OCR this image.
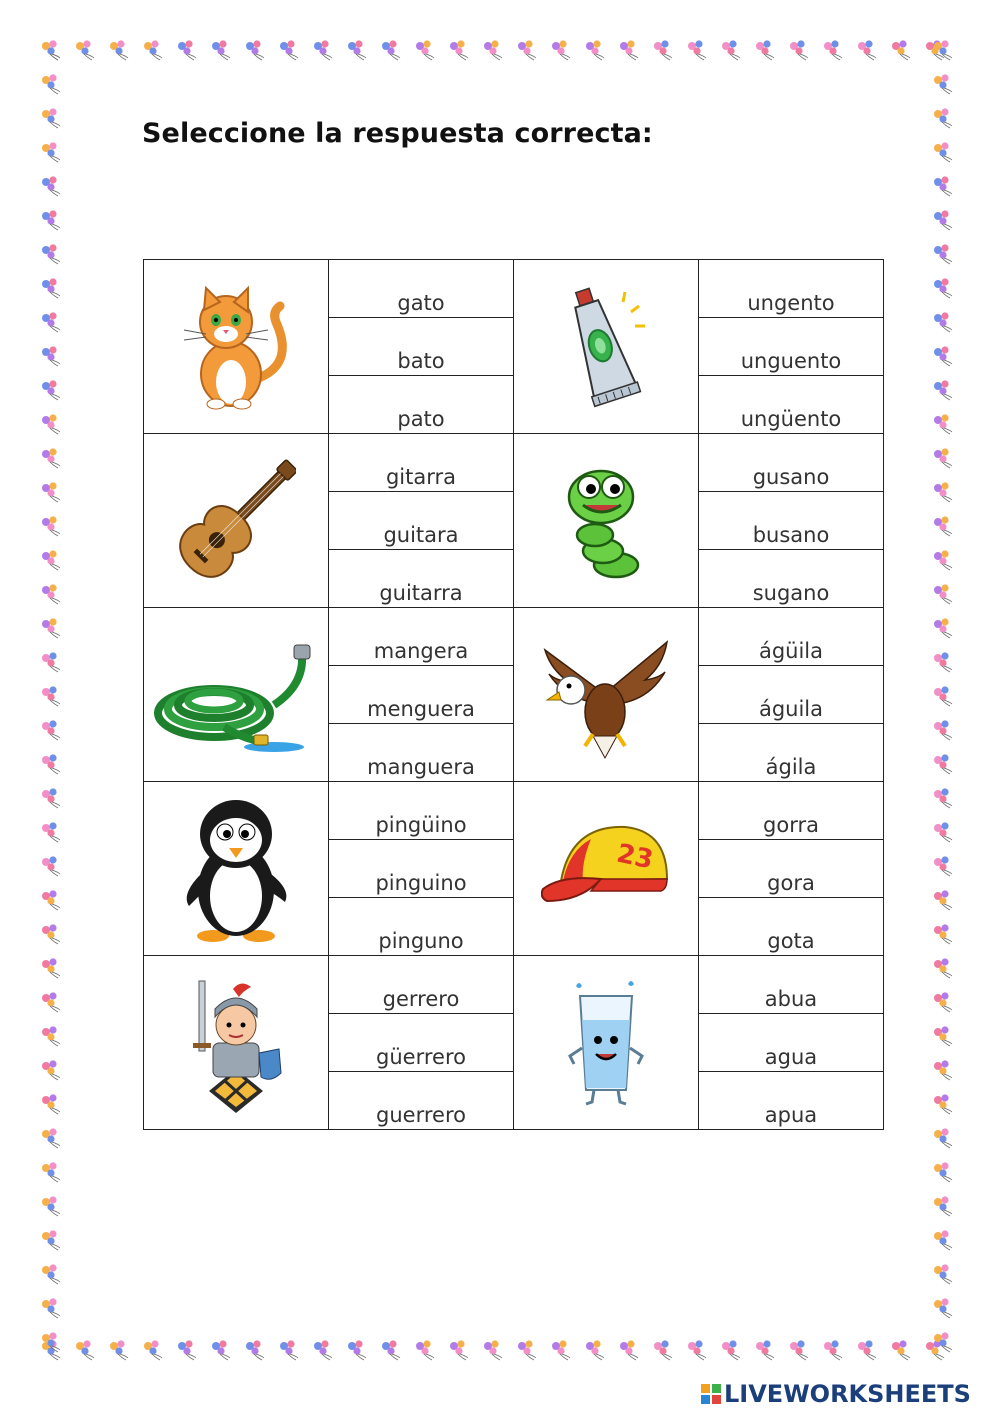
Seleccione la respuesta correcta:
	gato		ungento
	bato		unguento
	pato		ungüento

	gitarra		gusano
	guitara		busano
	guitarra		sugano

	mangera		ágüila
	menguera		águila
	manguera		ágila

	pingüino	23	gorra
	pinguino		gora
	pinguno		gota

	gerrero		abua
	güerrero		agua
	guerrero		apua
LIVEWORKSHEETS
